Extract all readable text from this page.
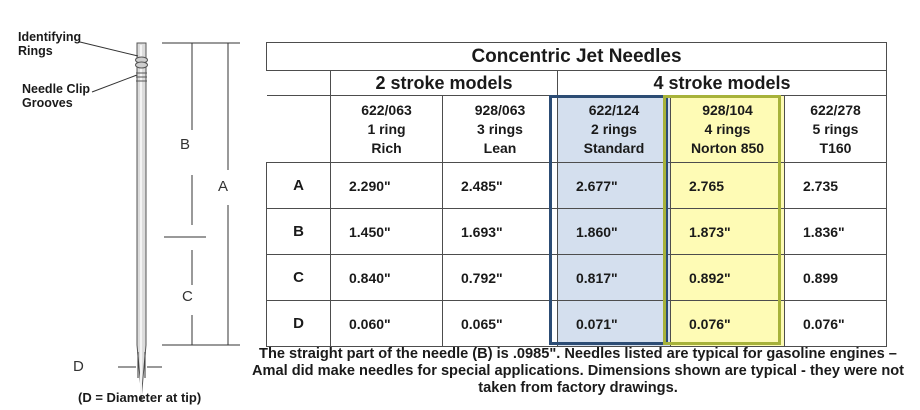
Identifying
Rings
Needle Clip
Grooves
B
A
C
D
(D = Diameter at tip)
Concentric Jet Needles					
	2 stroke models		4 stroke models		

	622/063
1 ring
Rich	928/063
3 rings
Lean	622/124
2 rings
Standard	928/104
4 rings
Norton 850	622/278
5 rings
T160

A	2.290"	2.485"	2.677"	2.765	2.735
B	1.450"	1.693"	1.860"	1.873"	1.836"
C	0.840"	0.792"	0.817"	0.892"	0.899
D	0.060"	0.065"	0.071"	0.076"	0.076"
The straight part of the needle (B) is .0985". Needles listed are typical for gasoline engines – Amal did make needles for special applications. Dimensions shown are typical - they were not taken from factory drawings.
